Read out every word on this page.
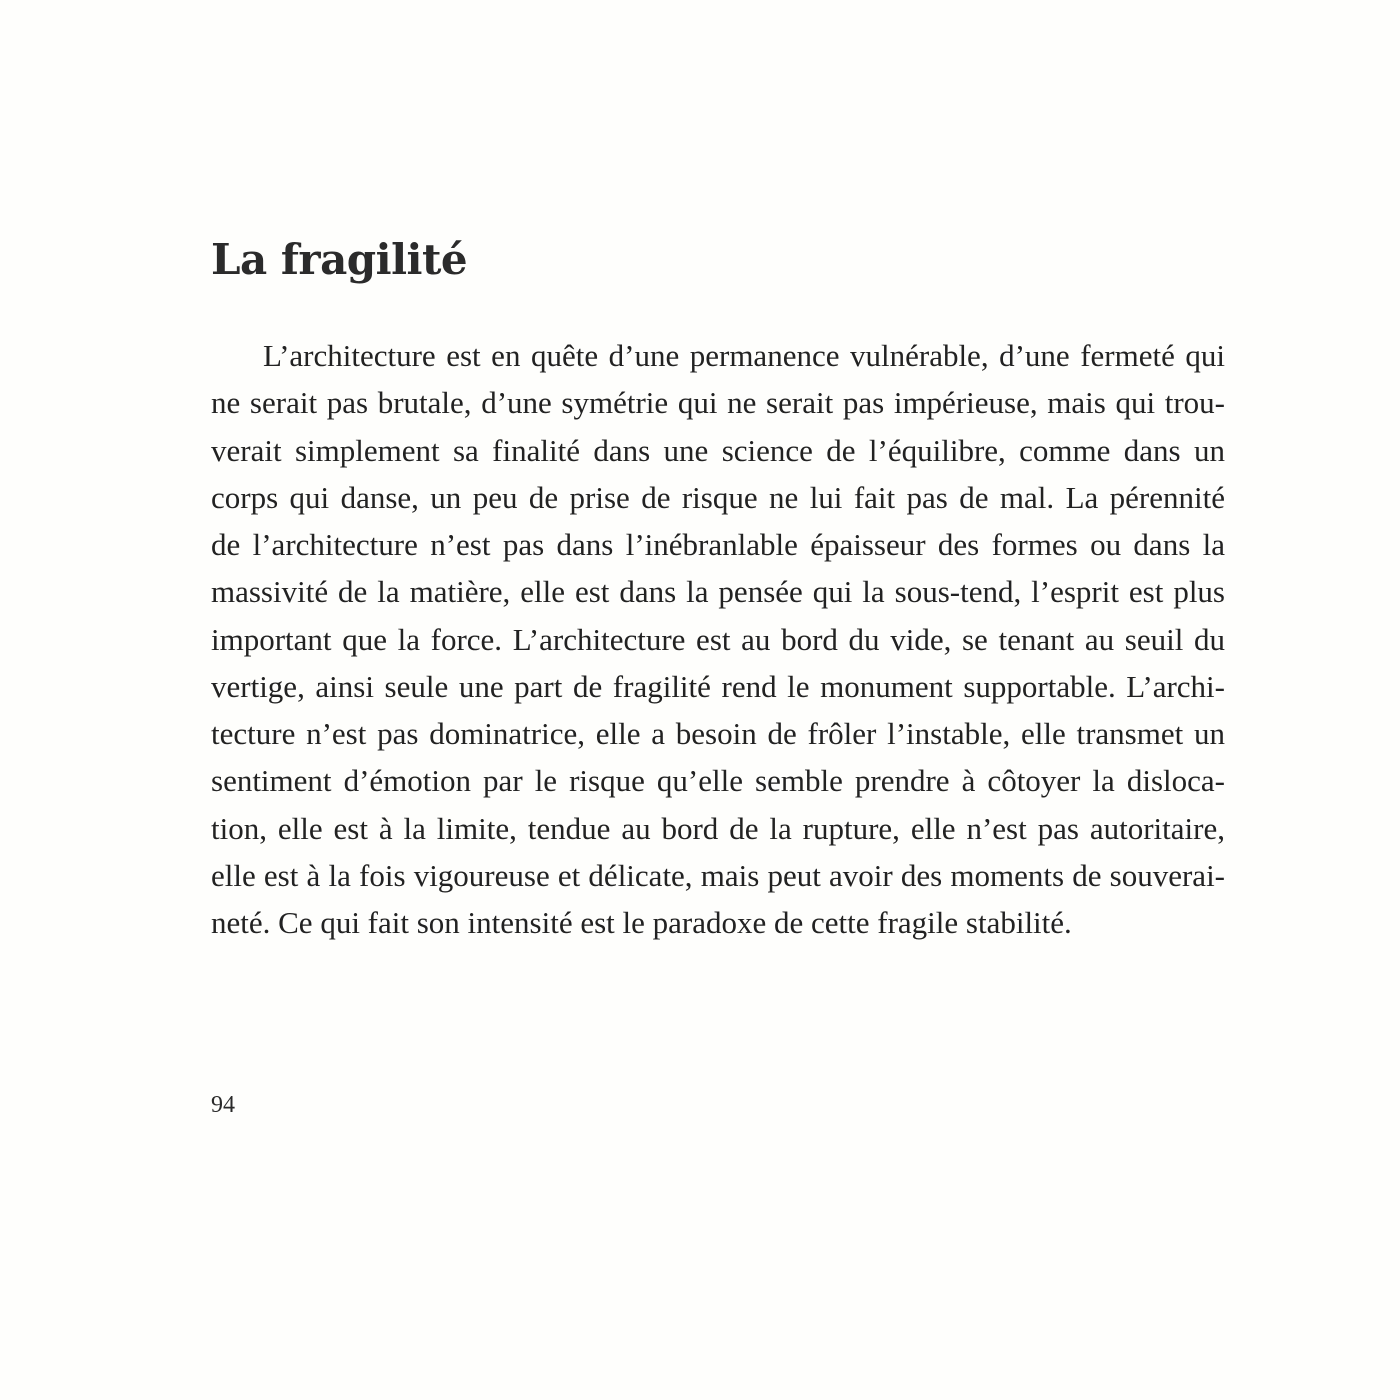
La fragilité
L’architecture est en quête d’une permanence vulnérable, d’une fermeté qui
ne serait pas brutale, d’une symétrie qui ne serait pas impérieuse, mais qui trou-
verait simplement sa finalité dans une science de l’équilibre, comme dans un
corps qui danse, un peu de prise de risque ne lui fait pas de mal. La pérennité
de l’architecture n’est pas dans l’inébranlable épaisseur des formes ou dans la
massivité de la matière, elle est dans la pensée qui la sous-tend, l’esprit est plus
important que la force. L’architecture est au bord du vide, se tenant au seuil du
vertige, ainsi seule une part de fragilité rend le monument supportable. L’archi-
tecture n’est pas dominatrice, elle a besoin de frôler l’instable, elle transmet un
sentiment d’émotion par le risque qu’elle semble prendre à côtoyer la disloca-
tion, elle est à la limite, tendue au bord de la rupture, elle n’est pas autoritaire,
elle est à la fois vigoureuse et délicate, mais peut avoir des moments de souverai-
neté. Ce qui fait son intensité est le paradoxe de cette fragile stabilité.
94
